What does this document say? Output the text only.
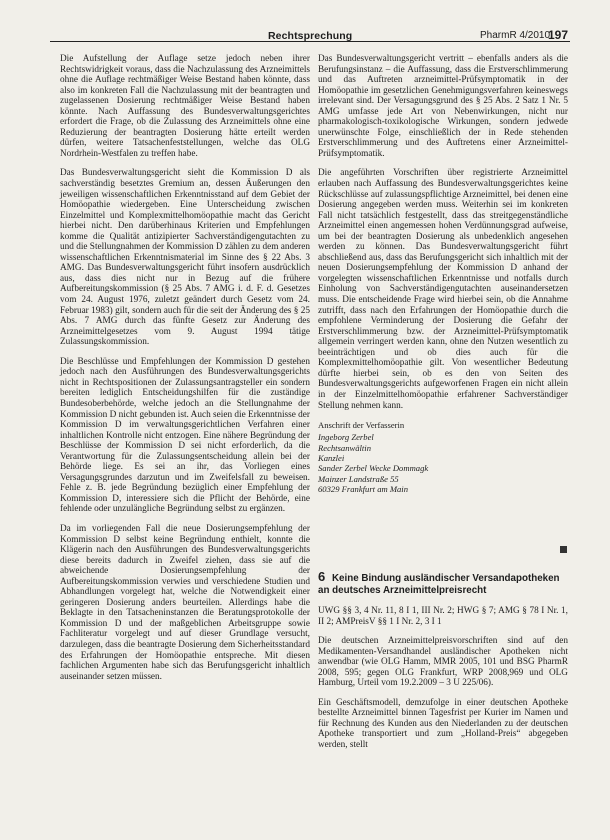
Rechtsprechung	PharmR 4/2010
197

Die Aufstellung der Auflage setze jedoch neben ihrer Rechtswidrigkeit voraus, dass die Nachzulassung des Arzneimittels ohne die Auflage rechtmäßiger Weise Bestand haben könnte, dass also im konkreten Fall die Nachzulassung mit der beantragten und zugelassenen Dosierung rechtmäßiger Weise Bestand haben könnte. Nach Auffassung des Bundesverwaltungsgerichtes erfordert die Frage, ob die Zulassung des Arzneimittels ohne eine Reduzierung der beantragten Dosierung hätte erteilt werden dürfen, weitere Tatsachenfeststellungen, welche das OLG Nordrhein-Westfalen zu treffen habe.

Das Bundesverwaltungsgericht sieht die Kommission D als sachverständig besetztes Gremium an, dessen Äußerungen den jeweiligen wissenschaftlichen Erkenntnisstand auf dem Gebiet der Homöopathie wiedergeben. Eine Unterscheidung zwischen Einzelmittel und Komplexmittelhomöopathie macht das Gericht hierbei nicht. Den darüberhinaus Kriterien und Empfehlungen komme die Qualität antizipierter Sachverständigengutachten zu und die Stellungnahmen der Kommission D zählen zu dem anderen wissenschaftlichen Erkenntnismaterial im Sinne des § 22 Abs. 3 AMG. Das Bundesverwaltungsgericht führt insofern ausdrücklich aus, dass dies nicht nur in Bezug auf die frühere Aufbereitungskommission (§ 25 Abs. 7 AMG i. d. F. d. Gesetzes vom 24. August 1976, zuletzt geändert durch Gesetz vom 24. Februar 1983) gilt, sondern auch für die seit der Änderung des § 25 Abs. 7 AMG durch das fünfte Gesetz zur Änderung des Arzneimittelgesetzes vom 9. August 1994 tätige Zulassungskommission.

Die Beschlüsse und Empfehlungen der Kommission D gestehen jedoch nach den Ausführungen des Bundesverwaltungsgerichts nicht in Rechtspositionen der Zulassungsantragsteller ein sondern bereiten lediglich Entscheidungshilfen für die zuständige Bundesoberbehörde, welche jedoch an die Stellungnahme der Kommission D nicht gebunden ist. Auch seien die Erkenntnisse der Kommission D im verwaltungsgerichtlichen Verfahren einer inhaltlichen Kontrolle nicht entzogen. Eine nähere Begründung der Beschlüsse der Kommission D sei nicht erforderlich, da die Verantwortung für die Zulassungsentscheidung allein bei der Behörde liege. Es sei an ihr, das Vorliegen eines Versagungsgrundes darzutun und im Zweifelsfall zu beweisen. Fehle z. B. jede Begründung bezüglich einer Empfehlung der Kommission D, interessiere sich die Pflicht der Behörde, eine fehlende oder unzulängliche Begründung selbst zu ergänzen.

Da im vorliegenden Fall die neue Dosierungsempfehlung der Kommission D selbst keine Begründung enthielt, konnte die Klägerin nach den Ausführungen des Bundesverwaltungsgerichts diese bereits dadurch in Zweifel ziehen, dass sie auf die abweichende Dosierungsempfehlung der Aufbereitungskommission verwies und verschiedene Studien und Abhandlungen vorgelegt hat, welche die Notwendigkeit einer geringeren Dosierung anders beurteilen. Allerdings habe die Beklagte in den Tatsacheninstanzen die Beratungsprotokolle der Kommission D und der maßgeblichen Arbeitsgruppe sowie Fachliteratur vorgelegt und auf dieser Grundlage versucht, darzulegen, dass die beantragte Dosierung dem Sicherheitsstandard des Erfahrungen der Homöopathie entspreche. Mit diesen fachlichen Argumenten habe sich das Berufungsgericht inhaltlich auseinander setzen müssen.

Das Bundesverwaltungsgericht vertritt – ebenfalls anders als die Berufungsinstanz – die Auffassung, dass die Erstverschlimmerung und das Auftreten arzneimittel-Prüfsymptomatik in der Homöopathie im gesetzlichen Genehmigungsverfahren keineswegs irrelevant sind. Der Versagungsgrund des § 25 Abs. 2 Satz 1 Nr. 5 AMG umfasse jede Art von Nebenwirkungen, nicht nur pharmakologisch-toxikologische Wirkungen, sondern jedwede unerwünschte Folge, einschließlich der in Rede stehenden Erstverschlimmerung und des Auftretens einer Arzneimittel-Prüfsymptomatik.

Die angeführten Vorschriften über registrierte Arzneimittel erlauben nach Auffassung des Bundesverwaltungsgerichtes keine Rückschlüsse auf zulassungspflichtige Arzneimittel, bei denen eine Dosierung angegeben werden muss. Weiterhin sei im konkreten Fall nicht tatsächlich festgestellt, dass das streitgegenständliche Arzneimittel einen angemessen hohen Verdünnungsgrad aufweise, um bei der beantragten Dosierung als unbedenklich angesehen werden zu können. Das Bundesverwaltungsgericht führt abschließend aus, dass das Berufungsgericht sich inhaltlich mit der neuen Dosierungsempfehlung der Kommission D anhand der vorgelegten wissenschaftlichen Erkenntnisse und notfalls durch Einholung von Sachverständigengutachten auseinandersetzen muss. Die entscheidende Frage wird hierbei sein, ob die Annahme zutrifft, dass nach den Erfahrungen der Homöopathie durch die empfohlene Verminderung der Dosierung die Gefahr der Erstverschlimmerung bzw. der Arzneimittel-Prüfsymptomatik allgemein verringert werden kann, ohne den Nutzen wesentlich zu beeinträchtigen und ob dies auch für die Komplexmittelhomöopathie gilt. Von wesentlicher Bedeutung dürfte hierbei sein, ob es den von Seiten des Bundesverwaltungsgerichts aufgeworfenen Fragen ein nicht allein in der Einzelmittelhomöopathie erfahrener Sachverständiger Stellung nehmen kann.

Anschrift der Verfasserin
Ingeborg Zerbel
Rechtsanwältin
Kanzlei
Sander Zerbel Wecke Dommagk
Mainzer Landstraße 55
60329 Frankfurt am Main
6 Keine Bindung ausländischer Versandapotheken an deutsches Arzneimittelpreisrecht

UWG §§ 3, 4 Nr. 11, 8 I 1, III Nr. 2; HWG § 7; AMG § 78 I Nr. 1, II 2; AMPreisV §§ 1 I Nr. 2, 3 I 1

Die deutschen Arzneimittelpreisvorschriften sind auf den Medikamenten-Versandhandel ausländischer Apotheken nicht anwendbar (wie OLG Hamm, MMR 2005, 101 und BSG PharmR 2008, 595; gegen OLG Frankfurt, WRP 2008,969 und OLG Hamburg, Urteil vom 19.2.2009 – 3 U 225/06).

Ein Geschäftsmodell, demzufolge in einer deutschen Apotheke bestellte Arzneimittel binnen Tagesfrist per Kurier im Namen und für Rechnung des Kunden aus den Niederlanden zu der deutschen Apotheke transportiert und zum „Holland-Preis“ abgegeben werden, stellt
